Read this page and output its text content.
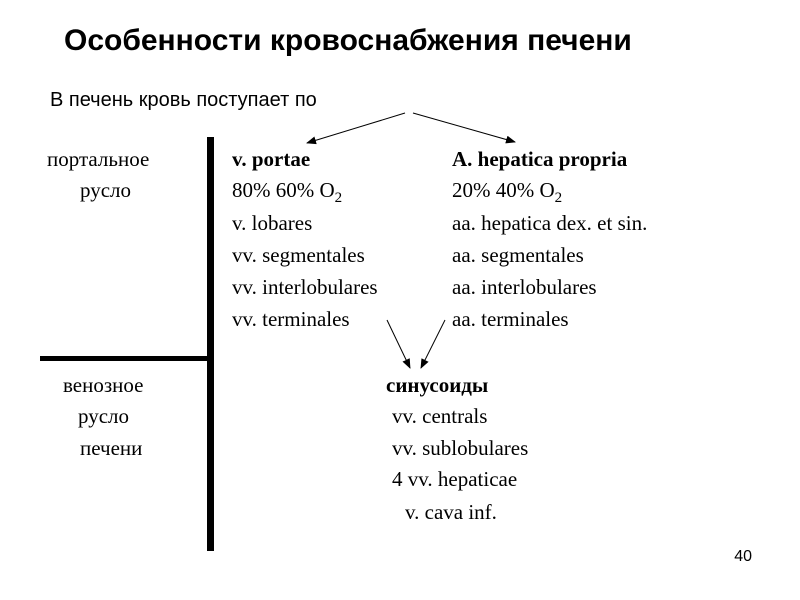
Особенности кровоснабжения печени
В печень кровь поступает по
портальное
русло
v. portae
80% 60% $O_2$
v. lobares
vv. segmentales
vv. interlobulares
vv. terminales
A. hepatica propria
20% 40% $O_2$
aa. hepatica dex. et sin.
aa. segmentales
aa. interlobulares
aa. terminales
венозное
русло
печени
синусоиды
vv. centrals
vv. sublobulares
4 vv. hepaticae
v. cava inf.
40
